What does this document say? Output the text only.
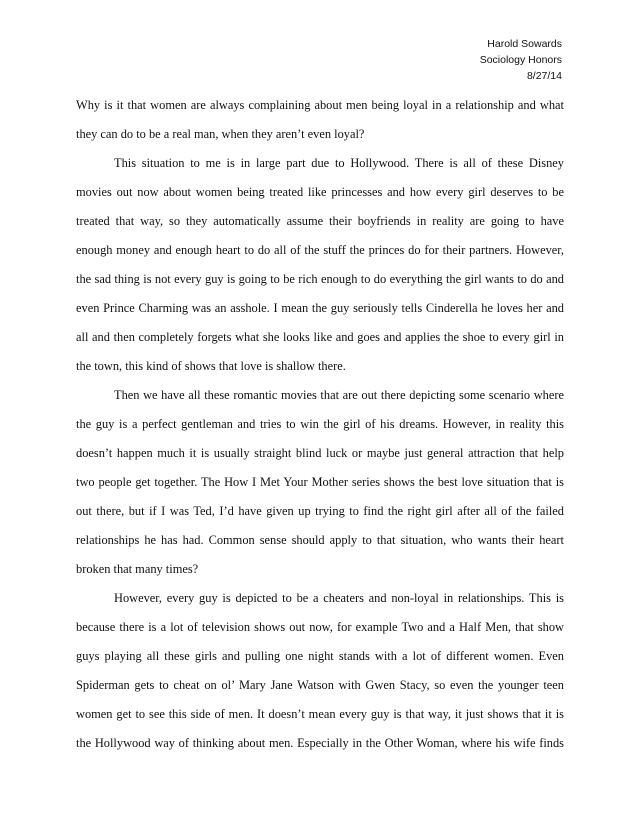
Harold Sowards
Sociology Honors
8/27/14
Why is it that women are always complaining about men being loyal in a relationship and what
they can do to be a real man, when they aren’t even loyal?
This situation to me is in large part due to Hollywood. There is all of these Disney
movies out now about women being treated like princesses and how every girl deserves to be
treated that way, so they automatically assume their boyfriends in reality are going to have
enough money and enough heart to do all of the stuff the princes do for their partners. However,
the sad thing is not every guy is going to be rich enough to do everything the girl wants to do and
even Prince Charming was an asshole. I mean the guy seriously tells Cinderella he loves her and
all and then completely forgets what she looks like and goes and applies the shoe to every girl in
the town, this kind of shows that love is shallow there.
Then we have all these romantic movies that are out there depicting some scenario where
the guy is a perfect gentleman and tries to win the girl of his dreams. However, in reality this
doesn’t happen much it is usually straight blind luck or maybe just general attraction that help
two people get together. The How I Met Your Mother series shows the best love situation that is
out there, but if I was Ted, I’d have given up trying to find the right girl after all of the failed
relationships he has had. Common sense should apply to that situation, who wants their heart
broken that many times?
However, every guy is depicted to be a cheaters and non-loyal in relationships. This is
because there is a lot of television shows out now, for example Two and a Half Men, that show
guys playing all these girls and pulling one night stands with a lot of different women. Even
Spiderman gets to cheat on ol’ Mary Jane Watson with Gwen Stacy, so even the younger teen
women get to see this side of men. It doesn’t mean every guy is that way, it just shows that it is
the Hollywood way of thinking about men. Especially in the Other Woman, where his wife finds
